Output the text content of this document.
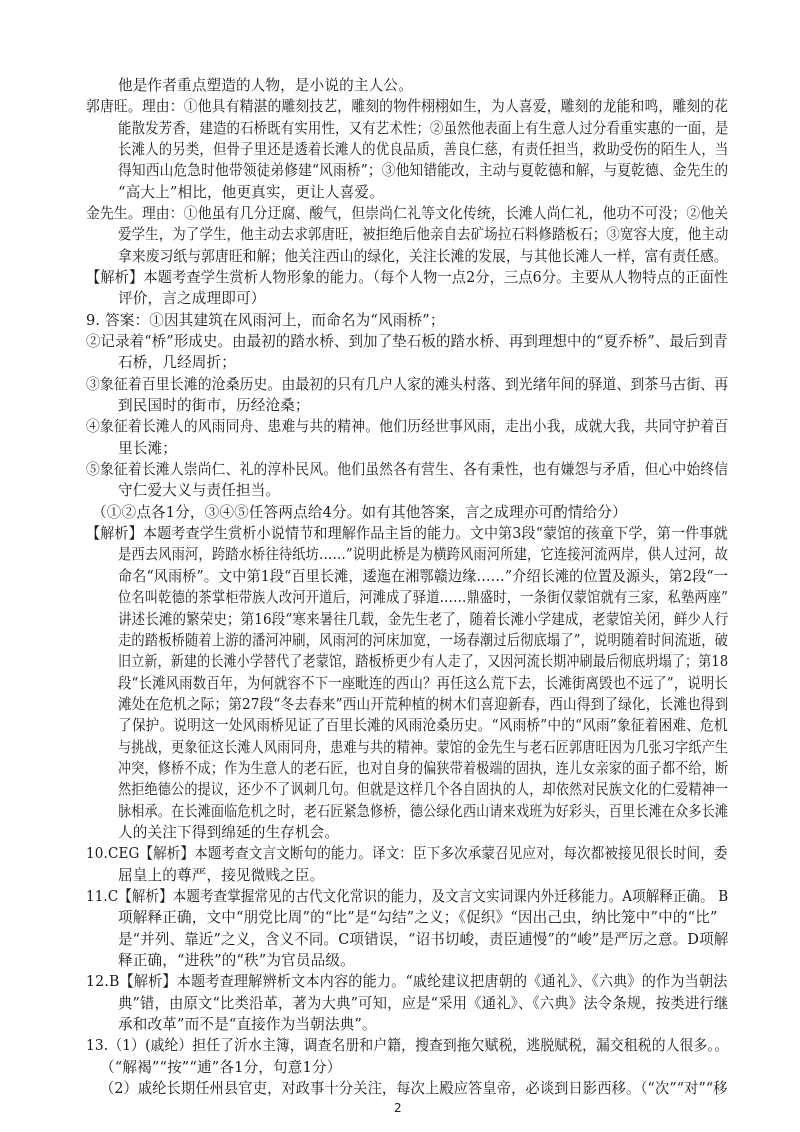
他是作者重点塑造的人物，是小说的主人公。
郭唐旺。理由：①他具有精湛的雕刻技艺，雕刻的物件栩栩如生，为人喜爱，雕刻的龙能和鸣，雕刻的花
能散发芳香，建造的石桥既有实用性，又有艺术性；②虽然他表面上有生意人过分看重实惠的一面，是
长滩人的另类，但骨子里还是透着长滩人的优良品质，善良仁慈，有责任担当，救助受伤的陌生人，当
得知西山危急时他带领徒弟修建“风雨桥”；③他知错能改，主动与夏乾德和解，与夏乾德、金先生的
“高大上”相比，他更真实，更让人喜爱。
金先生。理由：①他虽有几分迂腐、酸气，但崇尚仁礼等文化传统，长滩人尚仁礼，他功不可没；②他关
爱学生，为了学生，他主动去求郭唐旺，被拒绝后他亲自去矿场拉石料修踏板石；③宽容大度，他主动
拿来废习纸与郭唐旺和解；他关注西山的绿化，关注长滩的发展，与其他长滩人一样，富有责任感。
【解析】本题考查学生赏析人物形象的能力。（每个人物一点2分，三点6分。主要从人物特点的正面性
评价，言之成理即可）
9. 答案：①因其建筑在风雨河上，而命名为“风雨桥”；
②记录着“桥”形成史。由最初的踏水桥、到加了垫石板的踏水桥、再到理想中的“夏乔桥”、最后到青
石桥，几经周折；
③象征着百里长滩的沧桑历史。由最初的只有几户人家的滩头村落、到光绪年间的驿道、到茶马古街、再
到民国时的街市，历经沧桑；
④象征着长滩人的风雨同舟、患难与共的精神。他们历经世事风雨，走出小我，成就大我，共同守护着百
里长滩；
⑤象征着长滩人崇尚仁、礼的淳朴民风。他们虽然各有营生、各有秉性，也有嫌怨与矛盾，但心中始终信
守仁爱大义与责任担当。
（①②点各1分，③④⑤任答两点给4分。如有其他答案，言之成理亦可酌情给分）
【解析】本题考查学生赏析小说情节和理解作品主旨的能力。文中第3段“蒙馆的孩童下学，第一件事就
是西去风雨河，跨踏水桥往待纸坊……”说明此桥是为横跨风雨河所建，它连接河流两岸，供人过河，故
命名“风雨桥”。文中第1段“百里长滩，逶迤在湘鄂赣边缘……”介绍长滩的位置及源头，第2段“一
位名叫乾德的茶掌柜带族人改河开道后，河滩成了驿道……鼎盛时，一条街仅蒙馆就有三家，私塾两座”
讲述长滩的繁荣史；第16段“寒来暑往几载，金先生老了，随着长滩小学建成，老蒙馆关闭，鲜少人行
走的踏板桥随着上游的潘河冲刷，风雨河的河床加宽，一场春潮过后彻底塌了”，说明随着时间流逝，破
旧立新，新建的长滩小学替代了老蒙馆，踏板桥更少有人走了，又因河流长期冲刷最后彻底坍塌了；第18
段“长滩风雨数百年，为何就容不下一座毗连的西山？再任这么荒下去，长滩街离毁也不远了”，说明长
滩处在危机之际；第27段“冬去春来”西山开荒种植的树木们喜迎新春，西山得到了绿化，长滩也得到
了保护。说明这一处风雨桥见证了百里长滩的风雨沧桑历史。“风雨桥”中的“风雨”象征着困难、危机
与挑战，更象征这长滩人风雨同舟，患难与共的精神。蒙馆的金先生与老石匠郭唐旺因为几张习字纸产生
冲突，修桥不成；作为生意人的老石匠，也对自身的偏狭带着极端的固执，连儿女亲家的面子都不给，断
然拒绝德公的提议，还少不了讽刺几句。但就是这样几个各自固执的人，却依然对民族文化的仁爱精神一
脉相承。在长滩面临危机之时，老石匠紧急修桥，德公绿化西山请来戏班为好彩头，百里长滩在众多长滩
人的关注下得到绵延的生存机会。
10.CEG【解析】本题考查文言文断句的能力。译文：臣下多次承蒙召见应对，每次都被接见很长时间，委
屈皇上的尊严，接见微贱之臣。
11.C【解析】本题考查掌握常见的古代文化常识的能力，及文言文实词课内外迁移能力。A项解释正确。 B
项解释正确，文中“朋党比周”的“比”是“勾结”之义；《促织》“因出己虫，纳比笼中”中的“比”
是“并列、靠近”之义，含义不同。C项错误，“诏书切峻，责臣逋慢”的“峻”是严厉之意。D项解
释正确，“进秩”的“秩”为官员品级。
12.B【解析】本题考查理解辨析文本内容的能力。“戚纶建议把唐朝的《通礼》、《六典》的作为当朝法
典”错，由原文“比类沿革，著为大典”可知，应是“采用《通礼》、《六典》法令条规，按类进行继
承和改革”而不是“直接作为当朝法典”。
13.（1）(戚纶）担任了沂水主簿，调查名册和户籍，搜查到拖欠赋税，逃脱赋税，漏交租税的人很多。。
（“解褐”“按”“逋”各1分，句意1分）
（2）戚纶长期任州县官吏，对政事十分关注，每次上殿应答皇帝，必谈到日影西移。（“次”“对”“移
2
